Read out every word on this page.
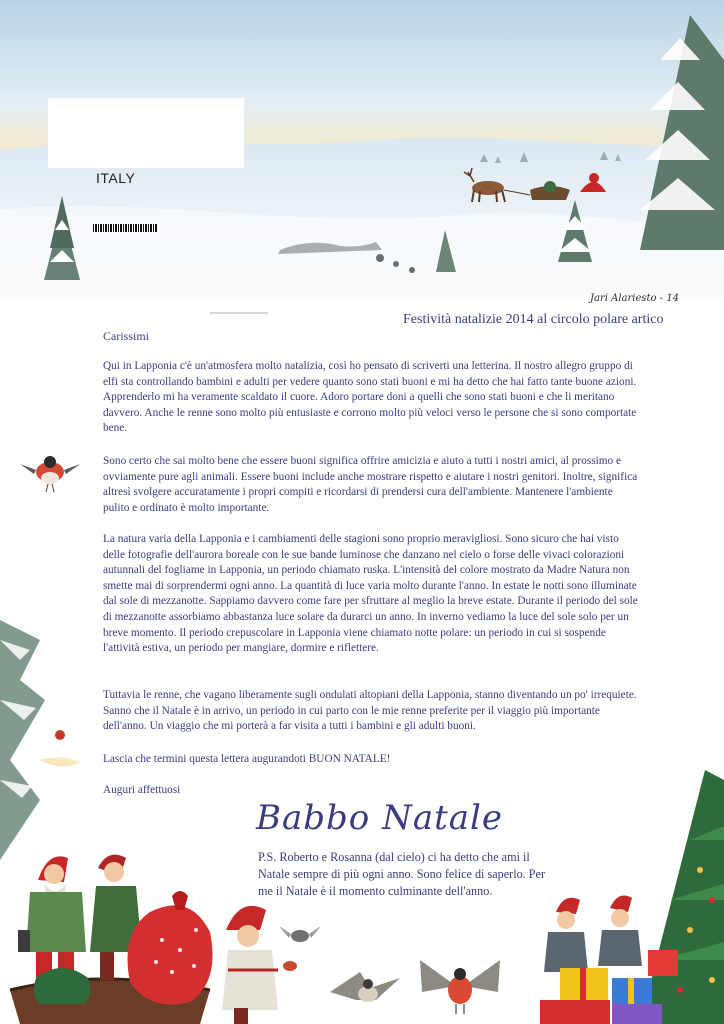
ITALY
Jari Alariesto - 14
Festività natalizie 2014 al circolo polare artico
Carissimi

Qui in Lapponia c'è un'atmosfera molto natalizia, così ho pensato di scriverti una letterina. Il nostro allegro gruppo di elfi sta controllando bambini e adulti per vedere quanto sono stati buoni e mi ha detto che hai fatto tante buone azioni. Apprenderlo mi ha veramente scaldato il cuore. Adoro portare doni a quelli che sono stati buoni e che li meritano davvero. Anche le renne sono molto più entusiaste e corrono molto più veloci verso le persone che si sono comportate bene.

Sono certo che sai molto bene che essere buoni significa offrire amicizia e aiuto a tutti i nostri amici, al prossimo e ovviamente pure agli animali. Essere buoni include anche mostrare rispetto e aiutare i nostri genitori. Inoltre, significa altresì svolgere accuratamente i propri compiti e ricordarsi di prendersi cura dell'ambiente. Mantenere l'ambiente pulito e ordinato è molto importante.

La natura varia della Lapponia e i cambiamenti delle stagioni sono proprio meravigliosi. Sono sicuro che hai visto delle fotografie dell'aurora boreale con le sue bande luminose che danzano nel cielo o forse delle vivaci colorazioni autunnali del fogliame in Lapponia, un periodo chiamato ruska. L'intensità del colore mostrato da Madre Natura non smette mai di sorprendermi ogni anno. La quantità di luce varia molto durante l'anno. In estate le notti sono illuminate dal sole di mezzanotte. Sappiamo davvero come fare per sfruttare al meglio la breve estate. Durante il periodo del sole di mezzanotte assorbiamo abbastanza luce solare da durarci un anno. In inverno vediamo la luce del sole solo per un breve momento. Il periodo crepuscolare in Lapponia viene chiamato notte polare: un periodo in cui si sospende l'attività estiva, un periodo per mangiare, dormire e riflettere.

Tuttavia le renne, che vagano liberamente sugli ondulati altopiani della Lapponia, stanno diventando un po' irrequiete. Sanno che il Natale è in arrivo, un periodo in cui parto con le mie renne preferite per il viaggio più importante dell'anno. Un viaggio che mi porterà a far visita a tutti i bambini e gli adulti buoni.

Lascia che termini questa lettera augurandoti BUON NATALE!

Auguri affettuosi

Babbo Natale

P.S. Roberto e Rosanna (dal cielo) ci ha detto che ami il Natale sempre di più ogni anno. Sono felice di saperlo. Per me il Natale è il momento culminante dell'anno.
